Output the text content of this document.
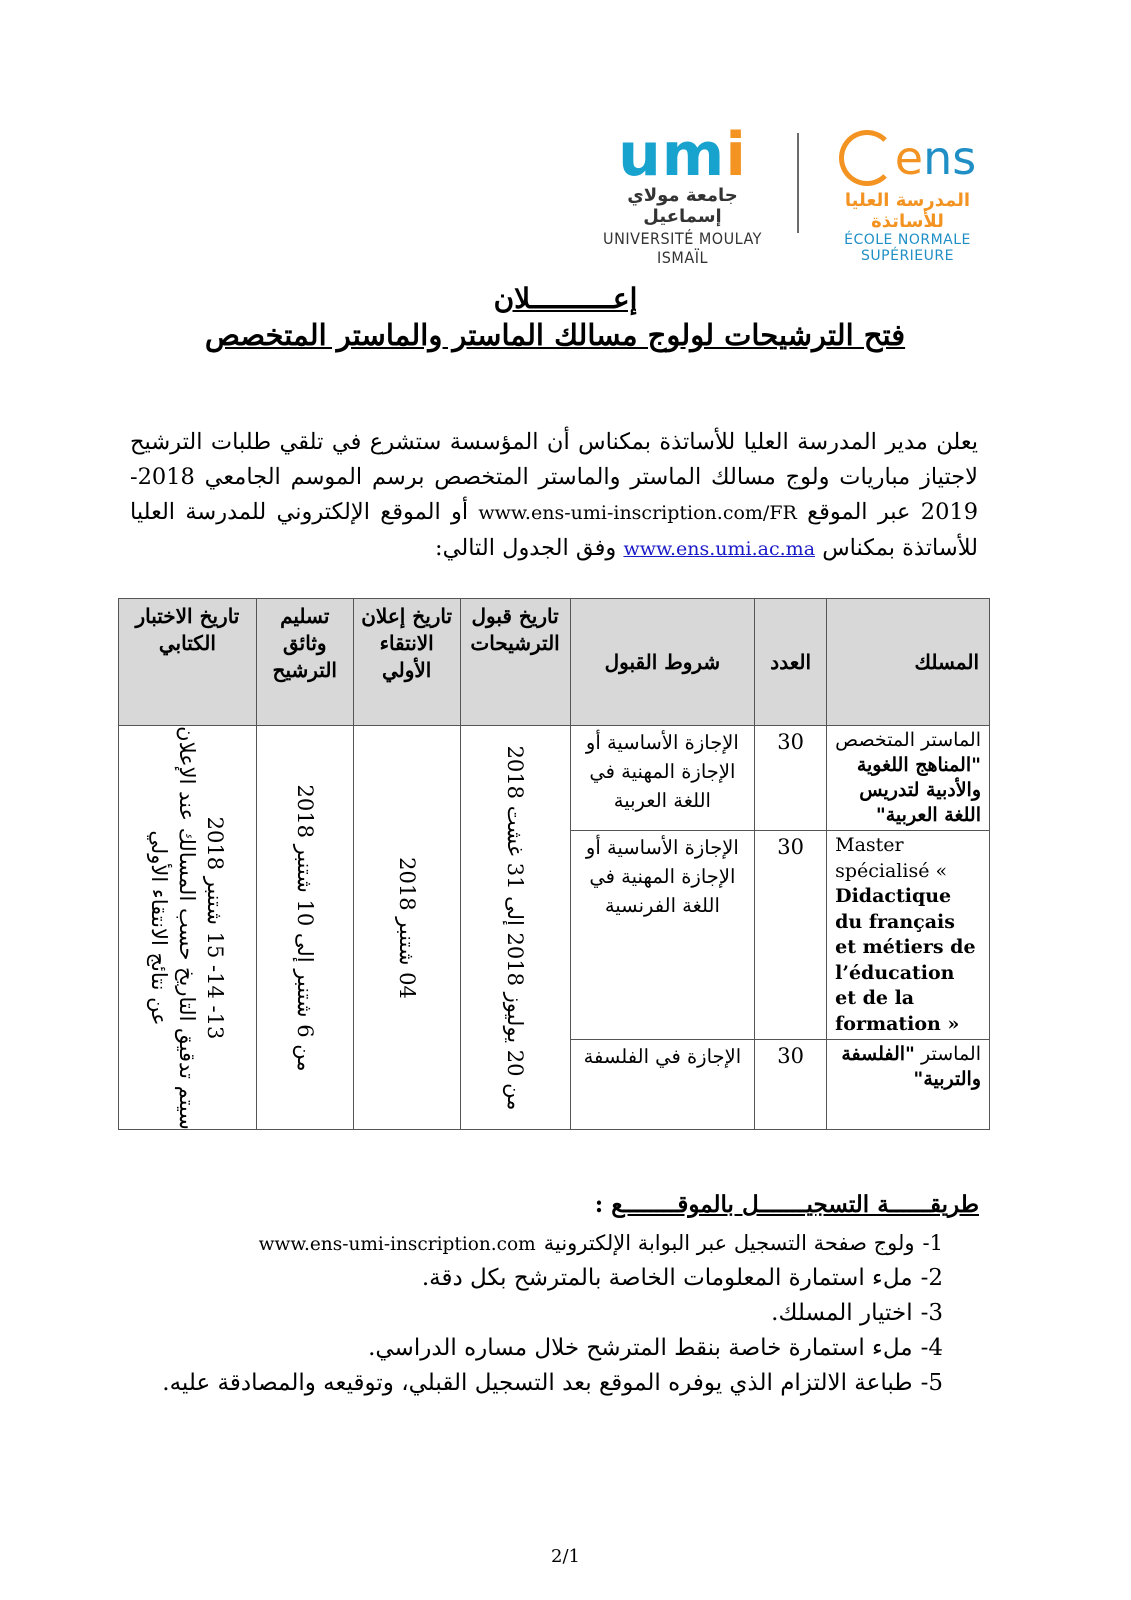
umi
جامعة مولاي إسماعيل
UNIVERSITÉ MOULAY ISMAÏL
ens
المدرسة العليا للأساتذة
ÉCOLE NORMALE SUPÉRIEURE
إعــــــــــلان
فتح الترشيحات لولوج مسالك الماستر والماستر المتخصص
يعلن مدير المدرسة العليا للأساتذة بمكناس أن المؤسسة ستشرع في تلقي طلبات الترشيح لاجتياز مباريات ولوج مسالك الماستر والماستر المتخصص برسم الموسم الجامعي 2018-2019 عبر الموقع www.ens-umi-inscription.com/FR أو الموقع الإلكتروني للمدرسة العليا للأساتذة بمكناس www.ens.umi.ac.ma وفق الجدول التالي:
المسلك	العدد	شروط القبول	تاريخ قبول الترشيحات	تاريخ إعلان الانتقاء الأولي	تسليم وثائق الترشيح	تاريخ الاختبار الكتابي
الماستر المتخصص "المناهج اللغوية والأدبية لتدريس اللغة العربية"	30	الإجازة الأساسية أو الإجازة المهنية في اللغة العربية	من 20 يوليوز 2018 إلى 31 غشت 2018	04 شتنبر 2018	من 6 شتنبر إلى 10 شتنبر 2018	13- 14- 15 شتنبر 2018
سيتم تدقيق التاريخ حسب المسالك عند الإعلان
عن نتائج الانتقاء الأولي

Master spécialisé « Didactique du français et métiers de l’éducation et de la formation »	30	الإجازة الأساسية أو الإجازة المهنية في اللغة الفرنسية				
الماستر "الفلسفة والتربية"	30	الإجازة في الفلسفة				
طريقــــــة التسجيـــــــل بالموقــــــــع :
-1ولوج صفحة التسجيل عبر البوابة الإلكترونيةwww.ens-umi-inscription.com
-2ملء استمارة المعلومات الخاصة بالمترشح بكل دقة.
-3اختيار المسلك.
-4ملء استمارة خاصة بنقط المترشح خلال مساره الدراسي.
-5طباعة الالتزام الذي يوفره الموقع بعد التسجيل القبلي، وتوقيعه والمصادقة عليه.
2/1
